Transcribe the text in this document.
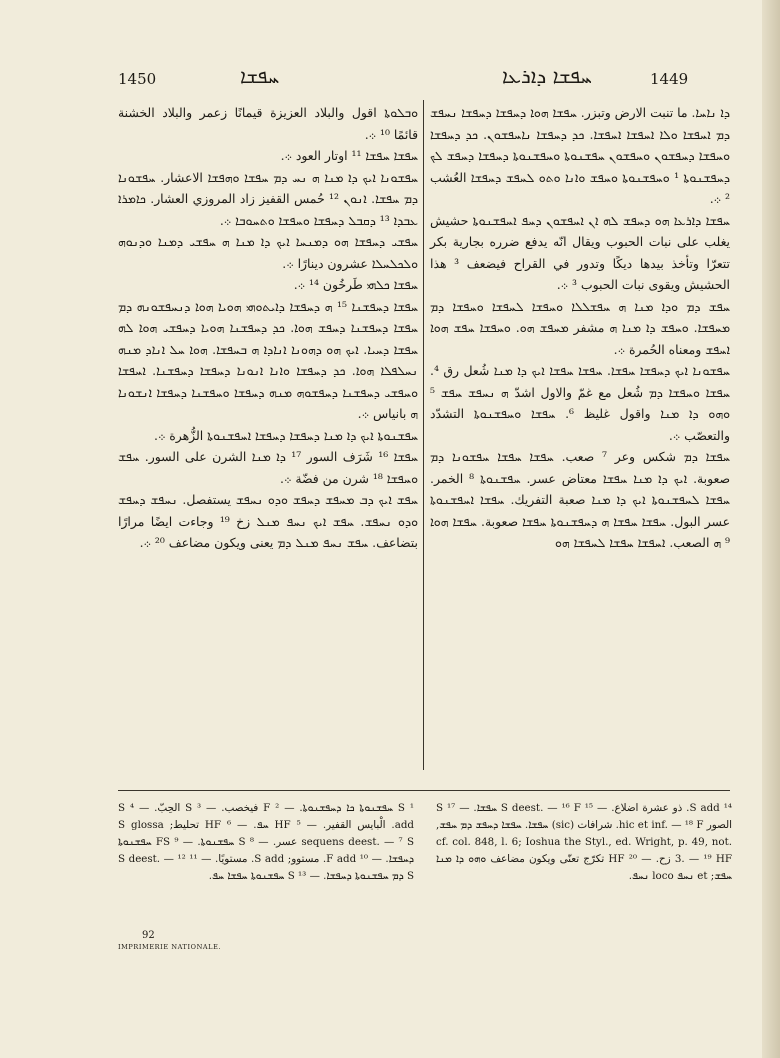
1450	ܚܦܫܐ	ܚܦܫܐ ܕܐܪܥܐ	1449

ܘܒܠܘܬܐ اقول والبلاد العزيزة قيمانًا زعمر والبلاد الخشنة قائمًا ¹⁰ ܀.

ܚܦܫܐ ܚܦܫܐ ¹¹ اوتار العود ܀.

ܚܦܫܘܢܐ ܐܝܟ ܕܐ ܡܢܐ ܗ ܢܚ ܕܡ ܚܦܫܐ ܘܗܦܫܐ الاعشار. ܚܦܫܘܢܐ ܕܡ ܚܦܫܐ. ܐܢܘܢ ¹² حُمس القفيز زاد المروزي العشار. ܟܐܡܪܐ ܥܒܕܐ ¹³ ܕܩܒܠ ܕܚܦܫܐ ܘܚܦܫܐ ܘܬܚܘܒܐ ܀.

ܚܦܫܝ ܕܚܦܫܐ ܗܘ ܕܡܢܚܐ ܐܝܟ ܕܐ ܡܢܐ ܗ ܚܦܫܝ ܕܡܢܐ ܘܕܢܘܗ ܘܠܟܠܚܠܐ عشرون دينارًا ܀.

ܚܦܫܐ ܟܠܗܝ طَرخُون ¹⁴ ܀.

ܚܦܫܐ ܕܚܦܫܢܐ ¹⁵ ܗ ܕܚܦܫܐ ܕܐܝܬܘܗܝ ܗܘܝܐ ܗܘܐ ܕܢܚܦܫܘܢܗ ܕܡ ܚܦܫܐ ܕܚܦܫܢܐ ܕܚܦܫ ܗܘܐ. ܟܕ ܕܚܦܫܢܐ ܗܘܝܐ ܕܚܦܫܝ ܗܘܐ ܠܗ ܚܦܫܐ ܕܚܝܐ. ܐܝܟ ܗܘ ܕܗܘܢܐ ܐܢܐܕܐ ܗ ܒܚܦܫܐ. ܗܘܐ ܚܠ ܐܢܐܕ ܡܢܗ ܢܚܠܦܠܐ ܗܘܐ. ܟܕ ܕܚܦܫܐ ܘܐܢܐ ܐܢܘܢܐ ܕܚܦܫܐ ܕܚܦܫܢܐ. ܐܚܦܫܐ ܘܚܦܫܝ ܕܚܦܫܢܐ ܕܚܦܫܘܗ ܡܢܗ ܕܚܦܫܐ ܘܚܦܫܢܐ ܕܚܦܫܐ ܐܢܫܘܢܐ ܗ بانياس ܀.

ܚܦܫܢܘܬܐ ܐܝܟ ܕܐ ܡܢܐ ܕܚܦܫܐ ܕܚܦܫܐ ܐܚܦܫܢܘܬܐ الزُّهرة ܀.

ܚܦܫܐ ¹⁶ شَرَف السور ¹⁷ ܕܐ ܡܢܐ الشرن على السور. ܚܦܫ ܘܚܦܫܐ ¹⁸ شرن من فضّة ܀.

ܚܦܫ ܐܝܟ ܕܒ ܡܚܦܫ ܕܚܦܫ ܘܕܘ ܢܚܦܫ يستفصل. ܢܚܦܫ ܕܚܦܫ ܘܕܘ ܢܚܦܫ. ܚܦܫ ܐܝܟ ܢܚܦ ܡܢܠ زخ ¹⁹ وجاءت ايضًا مرارًا بتضاعف. ܚܦܫ ܢܚܦ ܡܢܠ ܕܡ يعنى ويكون مضاعف ²⁰ ܀.

ܕܐ ܢܐܚܐ. ما تنبت الارض وتبزر. ܚܦܫܐ ܗܘܐ ܕܚܦܫܐ ܕܚܦܫܐ ܢܚܦܫ ܕܡ ܐܚܦܫܐ ܘܠܐ ܐܚܦܫܐ ܐܚܦܫܐ. ܟܕ ܕܚܦܫܐ ܢܐܚܦܫܘܢ. ܟܕ ܕܚܦܫܐ ܘܚܦܫܐ ܕܚܦܫܘܢ ܘܚܦܫܘܢ ܚܦܫܢܘܬܐ ܘܚܦܫܢܘܬܐ ܕܚܦܫܐ ܕܚܦܫ ܠܟ ܕܚܦܫܢܘܬܐ ¹ ܘܚܦܫܢܘܬܐ ܘܚܦܫ ܘܐܢܐ ܘܬܘ ܠܚܦܫ ܕܚܦܫܐ العُشب ² ܀.

ܚܦܫܐ ܕܐܪܥܐ ܗܘ ܕܚܦܫ ܠܗ ܐܢ ܐܚܦܫܘܢ ܕܚܦ ܐܚܦܫܢܘܬܐ حشيش يغلب على نبات الحبوب ويقال انّه يدفع ضرره بجارية بكر تتعرّا وتأخذ بيدها ديكًا وتدور في القراح فيضعف ³ هذا الحشيش ويقوى نبات الحبوب ³ ܀.

ܚܦܫ ܕܡ ܘܕܐ ܡܢܐ ܗ ܚܦܫܠܠܐ ܘܚܦܫܐ ܠܚܦܫܐ ܘܚܦܫܐ ܕܡ ܡܚܦܫܐ. ܘܚܦܫ ܕܐ ܡܢܐ ܗ مشفر ܡܚܦܫ ܗܘ. ܘܚܦܫܐ ܚܦܫ ܗܘܐ ܐܚܦܫ ومعناه الحُمرة ܀.

ܚܦܫܘܢܐ ܐܝܟ ܕܚܦܫܐ ܚܦܫܐ. ܚܦܫܐ ܚܦܫܐ ܐܝܟ ܕܐ ܡܢܐ شُعل رق ⁴. ܚܦܫܐ ܘܚܦܫܐ ܕܡ شُعل مع غمّ والاول اشدّ ܗ ܢܚܦܫ ܚܦܫ ⁵ ܘܗܘ ܕܐ ܡܢܐ واقول غليظ ⁶. ܚܦܫܐ ܘܚܦܫܢܘܬܐ التشدّد والتعصّب ܀.

ܚܦܫܐ ܕܡ شكس وعر ⁷ صعب. ܚܦܫܐ ܚܦܫܐ ܚܦܫܘܢܐ ܕܡ صعوبة. ܐܝܟ ܕܐ ܡܢܐ ܚܦܫܐ معتاض عسر. ܚܦܫܢܘܬܐ ⁸ الخمر. ܚܦܫܐ ܠܚܦܫܢܘܬܐ ܐܝܟ ܕܐ ܡܢܐ صعبة التفريك. ܚܦܫܐ ܐܚܦܫܢܘܬܐ عسر البول. ܚܦܫܐ ܚܦܫܐ ܗ ܕܚܦܫܢܘܬܐ ܚܦܫܐ صعوبة. ܚܦܫܐ ܗܘܐ ⁹ ܗ الصعب. ܐܚܦܫܐ ܚܦܫܐ ܠܚܦܫܐ ܗܘ

¹ S ܚܦܫܢܘܬܐ ܟܐ ܕܚܦܫܢܘܬܐ. — ² F فيخصب. — ³ S الحِبّ. — ⁴ S add. الْبايس القفير. — ⁵ HF ܚܦ. — ⁶ HF تحليط; S glossa sequens deest. — ⁷ S عسر. — ⁸ S ܚܦܫܢܘܬܐ. — ⁹ FS ܚܦܫܢܘܬܐ ܕܚܦܫܐ. — ¹⁰ F add. مستوو; S add. مستويًا. — ¹¹ S deest. — ¹² S ܕܡ ܚܦܫܢܘܬܐ ܕܚܦܫܐ. — ¹³ S ܚܦܫܢܘܬܐ ܚܦܫܐ ܚܦ.

¹⁴ S add. ذو عشرة اضلاع. — ¹⁵ S deest. — ¹⁶ F ܚܦܫܐ. — ¹⁷ S الصور hic et inf. — ¹⁸ F. شرافات (sic) ܚܦܫܐ. ܚܦܫܐ ܕܚܦܫ ܕܡ ܚܦܫ, cf. col. 848, l. 6; Ioshua the Styl., ed. Wright, p. 49, not. 3. — ¹⁹ HF زح. — ²⁰ HF تكرّج تعنّى ويكون مضاعف ܘܗܘ ܕܐ ܡܢܐ ܚܦܫ; et ܢܚܦ loco ܢܚܦ.

92
IMPRIMERIE NATIONALE.
